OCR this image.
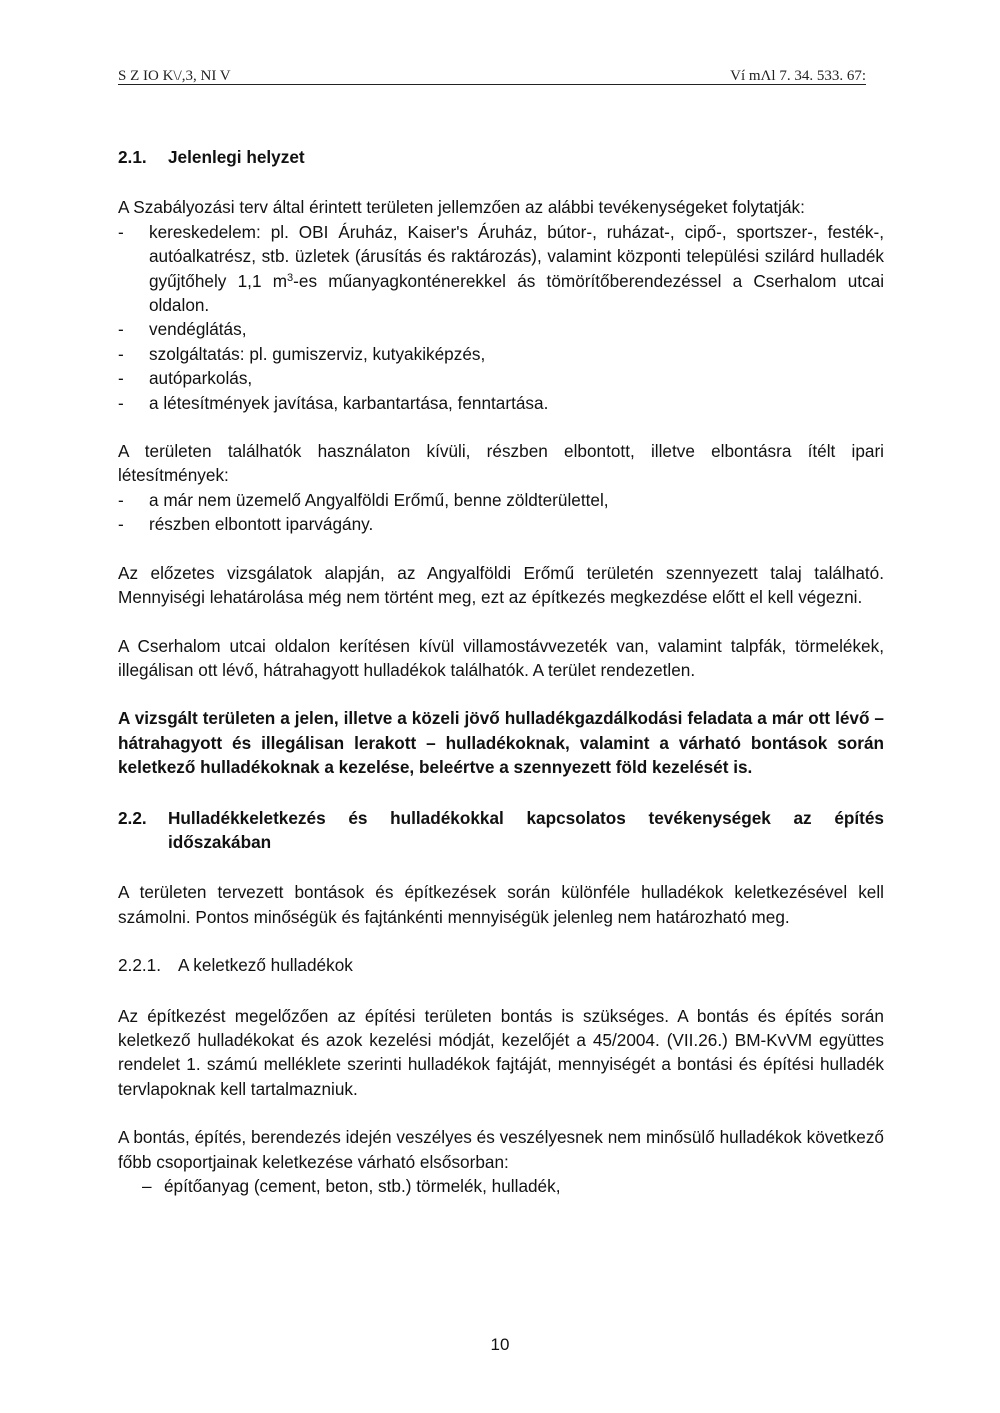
S Z IO K\/,3, NI V	Ví mɅl 7. 34. 533. 67:
2.1.	Jelenlegi helyzet

A Szabályozási terv által érintett területen jellemzően az alábbi tevékenységeket folytatják:

- kereskedelem: pl. OBI Áruház, Kaiser's Áruház, bútor-, ruházat-, cipő-, sportszer-, festék-, autóalkatrész, stb. üzletek (árusítás és raktározás), valamint központi települési szilárd hulladék gyűjtőhely 1,1 $m^3-es$ műanyagkonténerekkel ás tömörítőberendezéssel a Cserhalom utcai oldalon.
- vendéglátás,
- szolgáltatás: pl. gumiszerviz, kutyakiképzés,
- autóparkolás,
- a létesítmények javítása, karbantartása, fenntartása.

A területen találhatók használaton kívüli, részben elbontott, illetve elbontásra ítélt ipari létesítmények:

- a már nem üzemelő Angyalföldi Erőmű, benne zöldterülettel,
- részben elbontott iparvágány.

Az előzetes vizsgálatok alapján, az Angyalföldi Erőmű területén szennyezett talaj található. Mennyiségi lehatárolása még nem történt meg, ezt az építkezés megkezdése előtt el kell végezni.

A Cserhalom utcai oldalon kerítésen kívül villamostávvezeték van, valamint talpfák, törmelékek, illegálisan ott lévő, hátrahagyott hulladékok találhatók. A terület rendezetlen.

A vizsgált területen a jelen, illetve a közeli jövő hulladékgazdálkodási feladata a már ott lévő – hátrahagyott és illegálisan lerakott – hulladékoknak, valamint a várható bontások során keletkező hulladékoknak a kezelése, beleértve a szennyezett föld kezelését is.

2.2.	Hulladékkeletkezés és hulladékokkal kapcsolatos tevékenységek az építés időszakában

A területen tervezett bontások és építkezések során különféle hulladékok keletkezésével kell számolni. Pontos minőségük és fajtánkénti mennyiségük jelenleg nem határozható meg.

2.2.1. A keletkező hulladékok

Az építkezést megelőzően az építési területen bontás is szükséges. A bontás és építés során keletkező hulladékokat és azok kezelési módját, kezelőjét a 45/2004. (VII.26.) BM-KvVM együttes rendelet 1. számú melléklete szerinti hulladékok fajtáját, mennyiségét a bontási és építési hulladék tervlapoknak kell tartalmazniuk.

A bontás, építés, berendezés idején veszélyes és veszélyesnek nem minősülő hulladékok következő főbb csoportjainak keletkezése várható elsősorban:

– építőanyag (cement, beton, stb.) törmelék, hulladék,
10
